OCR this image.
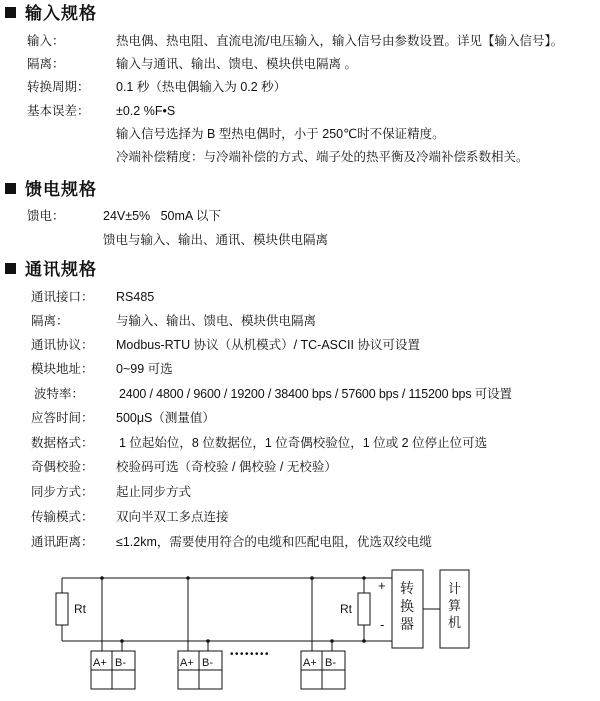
输入规格
输入：	热电偶、热电阻、直流电流/电压输入，输入信号由参数设置。详见【输入信号】。
隔离：	输入与通讯、输出、馈电、模块供电隔离 。
转换周期： 0.1 秒（热电偶输入为 0.2 秒）
基本误差： ±0.2 %F•S
输入信号选择为 B 型热电偶时，小于 250℃时不保证精度。
冷端补偿精度：与冷端补偿的方式、端子处的热平衡及冷端补偿系数相关。
馈电规格
馈电：	24V±5%   50mA 以下
馈电与输入、输出、通讯、模块供电隔离
通讯规格
通讯接口： RS485
隔离：	与输入、输出、馈电、模块供电隔离
通讯协议： Modbus-RTU 协议（从机模式）/ TC-ASCII 协议可设置
模块地址： 0~99 可选
波特率：	2400 / 4800 / 9600 / 19200 / 38400 bps / 57600 bps / 115200 bps 可设置
应答时间： 500μS（测量值）
数据格式： 1 位起始位，8 位数据位，1 位奇偶校验位，1 位或 2 位停止位可选
奇偶校验： 校验码可选（奇校验 / 偶校验 / 无校验）
同步方式： 起止同步方式
传输模式： 双向半双工多点连接
通讯距离： ≤1.2km，需要使用符合的电缆和匹配电阻，优选双绞电缆
Rt	Rt
+
-
转
换
器
计
算
机
A+ B-	A+ B-	A+ B-
••••••••
